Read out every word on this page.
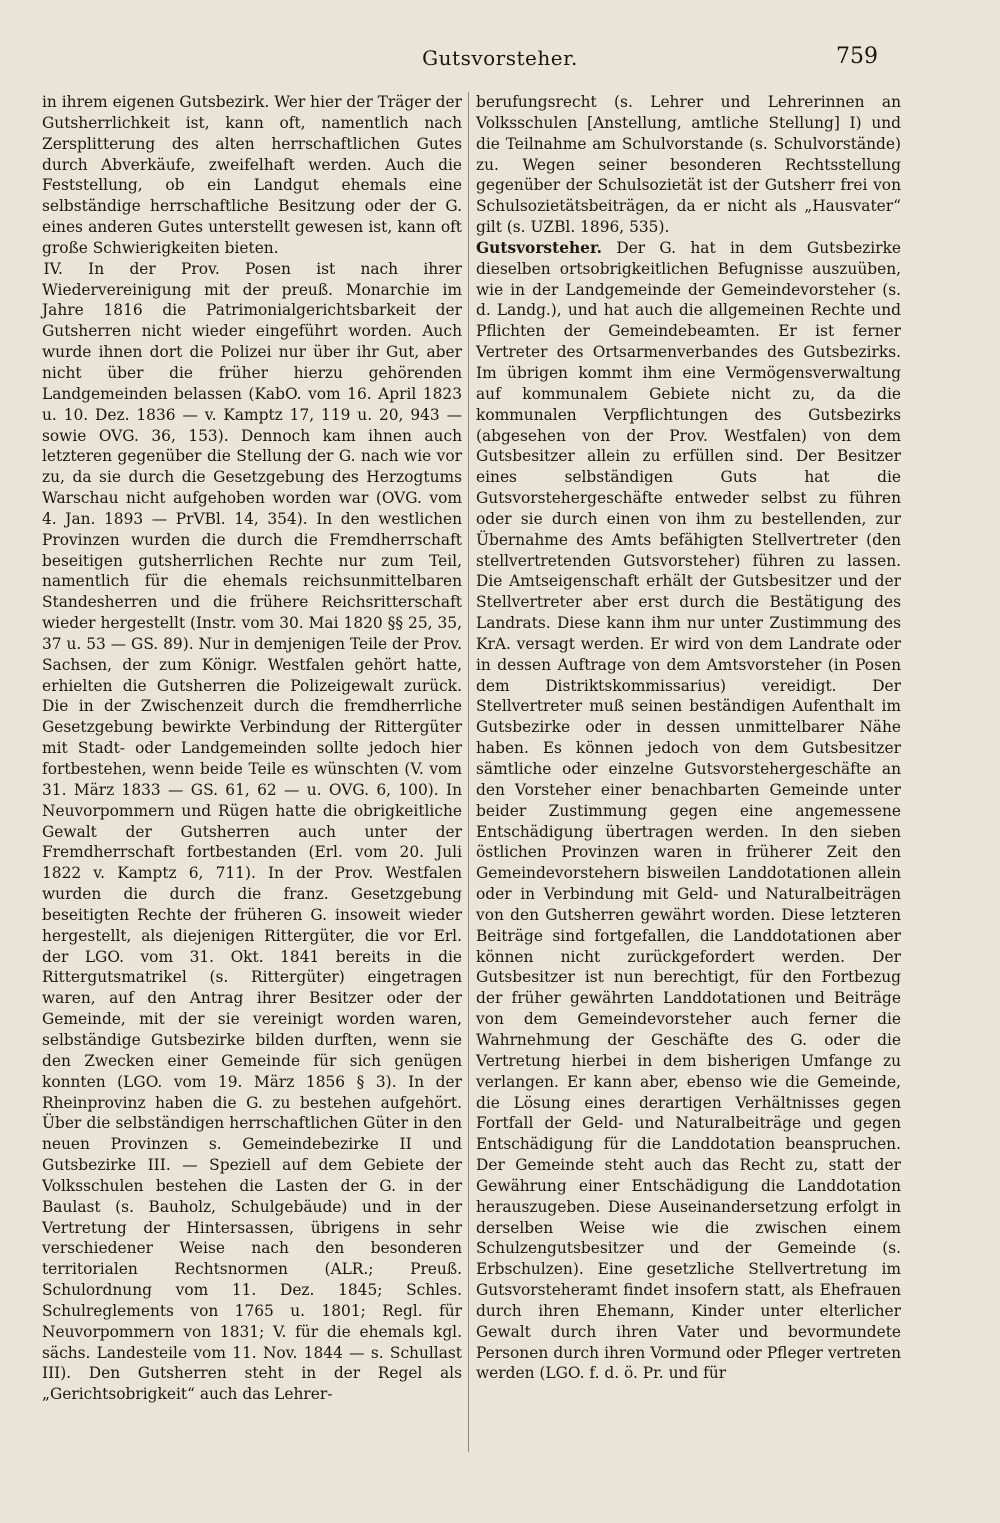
Gutsvorsteher.	759

in ihrem eigenen Gutsbezirk. Wer hier der Träger der Gutsherrlichkeit ist, kann oft, namentlich nach Zersplitterung des alten herrschaftlichen Gutes durch Abverkäufe, zweifelhaft werden. Auch die Feststellung, ob ein Landgut ehemals eine selbständige herrschaftliche Besitzung oder der G. eines anderen Gutes unterstellt gewesen ist, kann oft große Schwierigkeiten bieten.

IV. In der Prov. Posen ist nach ihrer Wiedervereinigung mit der preuß. Monarchie im Jahre 1816 die Patrimonialgerichtsbarkeit der Gutsherren nicht wieder eingeführt worden. Auch wurde ihnen dort die Polizei nur über ihr Gut, aber nicht über die früher hierzu gehörenden Landgemeinden belassen (KabO. vom 16. April 1823 u. 10. Dez. 1836 — v. Kamptz 17, 119 u. 20, 943 — sowie OVG. 36, 153). Dennoch kam ihnen auch letzteren gegenüber die Stellung der G. nach wie vor zu, da sie durch die Gesetzgebung des Herzogtums Warschau nicht aufgehoben worden war (OVG. vom 4. Jan. 1893 — PrVBl. 14, 354). In den westlichen Provinzen wurden die durch die Fremdherrschaft beseitigen gutsherrlichen Rechte nur zum Teil, namentlich für die ehemals reichsunmittelbaren Standesherren und die frühere Reichsritterschaft wieder hergestellt (Instr. vom 30. Mai 1820 §§ 25, 35, 37 u. 53 — GS. 89). Nur in demjenigen Teile der Prov. Sachsen, der zum Königr. Westfalen gehört hatte, erhielten die Gutsherren die Polizeigewalt zurück. Die in der Zwischenzeit durch die fremdherrliche Gesetzgebung bewirkte Verbindung der Rittergüter mit Stadt- oder Landgemeinden sollte jedoch hier fortbestehen, wenn beide Teile es wünschten (V. vom 31. März 1833 — GS. 61, 62 — u. OVG. 6, 100). In Neuvorpommern und Rügen hatte die obrigkeitliche Gewalt der Gutsherren auch unter der Fremdherrschaft fortbestanden (Erl. vom 20. Juli 1822 v. Kamptz 6, 711). In der Prov. Westfalen wurden die durch die franz. Gesetzgebung beseitigten Rechte der früheren G. insoweit wieder hergestellt, als diejenigen Rittergüter, die vor Erl. der LGO. vom 31. Okt. 1841 bereits in die Rittergutsmatrikel (s. Rittergüter) eingetragen waren, auf den Antrag ihrer Besitzer oder der Gemeinde, mit der sie vereinigt worden waren, selbständige Gutsbezirke bilden durften, wenn sie den Zwecken einer Gemeinde für sich genügen konnten (LGO. vom 19. März 1856 § 3). In der Rheinprovinz haben die G. zu bestehen aufgehört. Über die selbständigen herrschaftlichen Güter in den neuen Provinzen s. Gemeindebezirke II und Gutsbezirke III. — Speziell auf dem Gebiete der Volksschulen bestehen die Lasten der G. in der Baulast (s. Bauholz, Schulgebäude) und in der Vertretung der Hintersassen, übrigens in sehr verschiedener Weise nach den besonderen territorialen Rechtsnormen (ALR.; Preuß. Schulordnung vom 11. Dez. 1845; Schles. Schulreglements von 1765 u. 1801; Regl. für Neuvorpommern von 1831; V. für die ehemals kgl. sächs. Landesteile vom 11. Nov. 1844 — s. Schullast III). Den Gutsherren steht in der Regel als „Gerichtsobrigkeit“ auch das Lehrer-

berufungsrecht (s. Lehrer und Lehrerinnen an Volksschulen [Anstellung, amtliche Stellung] I) und die Teilnahme am Schulvorstande (s. Schulvorstände) zu. Wegen seiner besonderen Rechtsstellung gegenüber der Schulsozietät ist der Gutsherr frei von Schulsozietätsbeiträgen, da er nicht als „Hausvater“ gilt (s. UZBl. 1896, 535).

Gutsvorsteher. Der G. hat in dem Gutsbezirke dieselben ortsobrigkeitlichen Befugnisse auszuüben, wie in der Landgemeinde der Gemeindevorsteher (s. d. Landg.), und hat auch die allgemeinen Rechte und Pflichten der Gemeindebeamten. Er ist ferner Vertreter des Ortsarmenverbandes des Gutsbezirks. Im übrigen kommt ihm eine Vermögensverwaltung auf kommunalem Gebiete nicht zu, da die kommunalen Verpflichtungen des Gutsbezirks (abgesehen von der Prov. Westfalen) von dem Gutsbesitzer allein zu erfüllen sind. Der Besitzer eines selbständigen Guts hat die Gutsvorstehergeschäfte entweder selbst zu führen oder sie durch einen von ihm zu bestellenden, zur Übernahme des Amts befähigten Stellvertreter (den stellvertretenden Gutsvorsteher) führen zu lassen. Die Amtseigenschaft erhält der Gutsbesitzer und der Stellvertreter aber erst durch die Bestätigung des Landrats. Diese kann ihm nur unter Zustimmung des KrA. versagt werden. Er wird von dem Landrate oder in dessen Auftrage von dem Amtsvorsteher (in Posen dem Distriktskommissarius) vereidigt. Der Stellvertreter muß seinen beständigen Aufenthalt im Gutsbezirke oder in dessen unmittelbarer Nähe haben. Es können jedoch von dem Gutsbesitzer sämtliche oder einzelne Gutsvorstehergeschäfte an den Vorsteher einer benachbarten Gemeinde unter beider Zustimmung gegen eine angemessene Entschädigung übertragen werden. In den sieben östlichen Provinzen waren in früherer Zeit den Gemeindevorstehern bisweilen Landdotationen allein oder in Verbindung mit Geld- und Naturalbeiträgen von den Gutsherren gewährt worden. Diese letzteren Beiträge sind fortgefallen, die Landdotationen aber können nicht zurückgefordert werden. Der Gutsbesitzer ist nun berechtigt, für den Fortbezug der früher gewährten Landdotationen und Beiträge von dem Gemeindevorsteher auch ferner die Wahrnehmung der Geschäfte des G. oder die Vertretung hierbei in dem bisherigen Umfange zu verlangen. Er kann aber, ebenso wie die Gemeinde, die Lösung eines derartigen Verhältnisses gegen Fortfall der Geld- und Naturalbeiträge und gegen Entschädigung für die Landdotation beanspruchen. Der Gemeinde steht auch das Recht zu, statt der Gewährung einer Entschädigung die Landdotation herauszugeben. Diese Auseinandersetzung erfolgt in derselben Weise wie die zwischen einem Schulzengutsbesitzer und der Gemeinde (s. Erbschulzen). Eine gesetzliche Stellvertretung im Gutsvorsteheramt findet insofern statt, als Ehefrauen durch ihren Ehemann, Kinder unter elterlicher Gewalt durch ihren Vater und bevormundete Personen durch ihren Vormund oder Pfleger vertreten werden (LGO. f. d. ö. Pr. und für
